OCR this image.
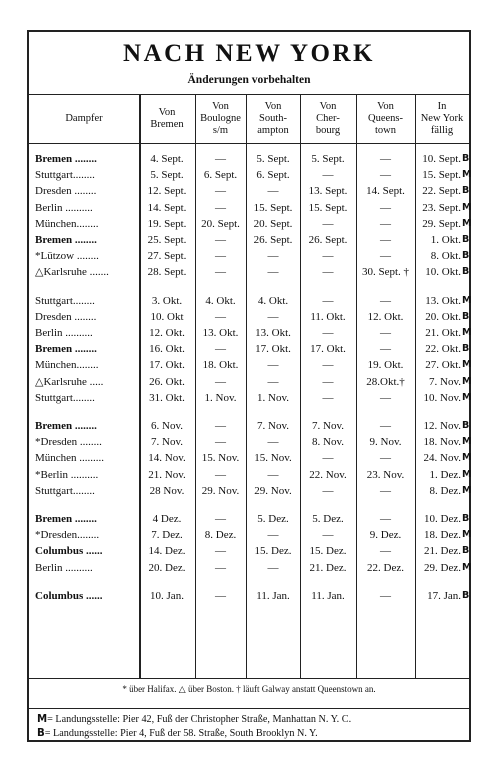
NACH NEW YORK
Änderungen vorbehalten
Dampfer
Von
Bremen
Von
Boulogne
s/m
Von
South-
ampton
Von
Cher-
bourg
Von
Queens-
town
In
New York
fällig
Bremen ........	4. Sept.	—	5. Sept.	5. Sept.	—	10. Sept. B
Stuttgart........	5. Sept.	6. Sept.	6. Sept.	—	—	15. Sept. M
Dresden ........	12. Sept.	—	—	13. Sept.	14. Sept.	22. Sept. B
Berlin ..........	14. Sept.	—	15. Sept.	15. Sept.	—	23. Sept. M
München........	19. Sept.	20. Sept.	20. Sept.	—	—	29. Sept. M
Bremen ........	25. Sept.	—	26. Sept.	26. Sept.	—	1. Okt. B
*Lützow ........	27. Sept.	—	—	—	—	8. Okt. B
△Karlsruhe .......	28. Sept.	—	—	—	30. Sept. †	10. Okt. B
Stuttgart........	3. Okt.	4. Okt.	4. Okt.	—	—	13. Okt. M
Dresden ........	10. Okt	—	—	11. Okt.	12. Okt.	20. Okt. B
Berlin ..........	12. Okt.	13. Okt.	13. Okt.	—	—	21. Okt. M
Bremen ........	16. Okt.	—	17. Okt.	17. Okt.	—	22. Okt. B
München........	17. Okt.	18. Okt.	—	—	19. Okt.	27. Okt. M
△Karlsruhe .....	26. Okt.	—	—	—	28.Okt.†	7. Nov. M
Stuttgart........	31. Okt.	1. Nov.	1. Nov.	—	—	10. Nov. M
Bremen ........	6. Nov.	—	7. Nov.	7. Nov.	—	12. Nov. B
*Dresden ........	7. Nov.	—	—	8. Nov.	9. Nov.	18. Nov. M
München .........	14. Nov.	15. Nov.	15. Nov.	—	—	24. Nov. M
*Berlin ..........	21. Nov.	—	—	22. Nov.	23. Nov.	1. Dez. M
Stuttgart........	28 Nov.	29. Nov.	29. Nov.	—	—	8. Dez. M
Bremen ........	4 Dez.	—	5. Dez.	5. Dez.	—	10. Dez. B
*Dresden........	7. Dez.	8. Dez.	—	—	9. Dez.	18. Dez. M
Columbus ......	14. Dez.	—	15. Dez.	15. Dez.	—	21. Dez. B
Berlin ..........	20. Dez.	—	—	21. Dez.	22. Dez.	29. Dez. M
Columbus ......	10. Jan.	—	11. Jan.	11. Jan.	—	17. Jan. B
* über Halifax. △ über Boston. † läuft Galway anstatt Queenstown an.
M= Landungsstelle: Pier 42, Fuß der Christopher Straße, Manhattan N. Y. C.
B= Landungsstelle: Pier 4, Fuß der 58. Straße, South Brooklyn N. Y.
